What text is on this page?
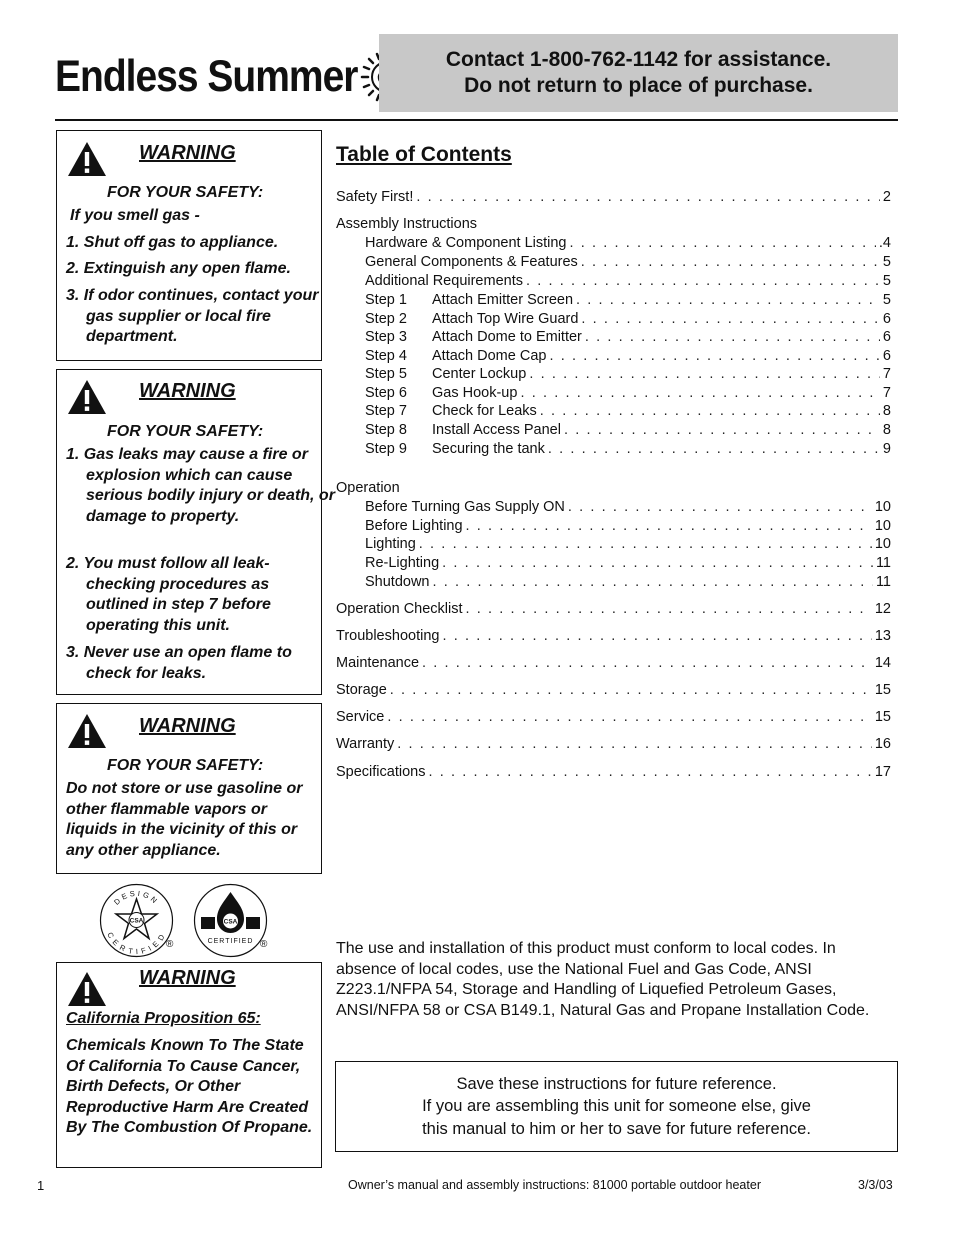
Endless Summer	Contact 1-800-762-1142 for assistance.
Do not return to place of purchase.
WARNING
FOR YOUR SAFETY:
If you smell gas -
1. Shut off gas to appliance.
2. Extinguish any open flame.
3. If odor continues, contact your gas supplier or local fire department.
WARNING
FOR YOUR SAFETY:
1. Gas leaks may cause a fire or explosion which can cause serious bodily injury or death, or damage to property.
2. You must follow all leak-checking procedures as outlined in step 7 before operating this unit.
3. Never use an open flame to check for leaks.
WARNING
FOR YOUR SAFETY:
Do not store or use gasoline or other flammable vapors or liquids in the vicinity of this or any other appliance.
DESIGN
CERTIFIED
CSA
®
CSA
CERTIFIED ®
WARNING
California Proposition 65:
Chemicals Known To The State Of California To Cause Cancer, Birth Defects, Or Other Reproductive Harm Are Created By The Combustion Of Propane.
Table of Contents
Safety First! . . .	2
Assembly Instructions
Hardware & Component Listing . . .	.4
General Components & Features . . .	5
Additional Requirements . . .	5
Step 1	Attach Emitter Screen . . .	5
Step 2	Attach Top Wire Guard . . .	6
Step 3	Attach Dome to Emitter . . .	6
Step 4	Attach Dome Cap . . .	6
Step 5	Center Lockup . . .	7
Step 6	Gas Hook-up . . .	7
Step 7	Check for Leaks . . .	8
Step 8	Install Access Panel . . .	8
Step 9	Securing the tank . . .	9
Operation
Before Turning Gas Supply ON . . .	10
Before Lighting . . .	10
Lighting . . .	10
Re-Lighting . . .	11
Shutdown . . .	11
Operation Checklist . . .	12
Troubleshooting . . .	13
Maintenance . . .	14
Storage . . .	15
Service . . .	15
Warranty . . .	16
Specifications . . .	17
The use and installation of this product must conform to local codes. In absence of local codes, use the National Fuel and Gas Code, ANSI Z223.1/NFPA 54, Storage and Handling of Liquefied Petroleum Gases, ANSI/NFPA 58 or CSA B149.1, Natural Gas and Propane Installation Code.
Save these instructions for future reference.
If you are assembling this unit for someone else, give
this manual to him or her to save for future reference.
1	Owner’s manual and assembly instructions: 81000 portable outdoor heater	3/3/03
